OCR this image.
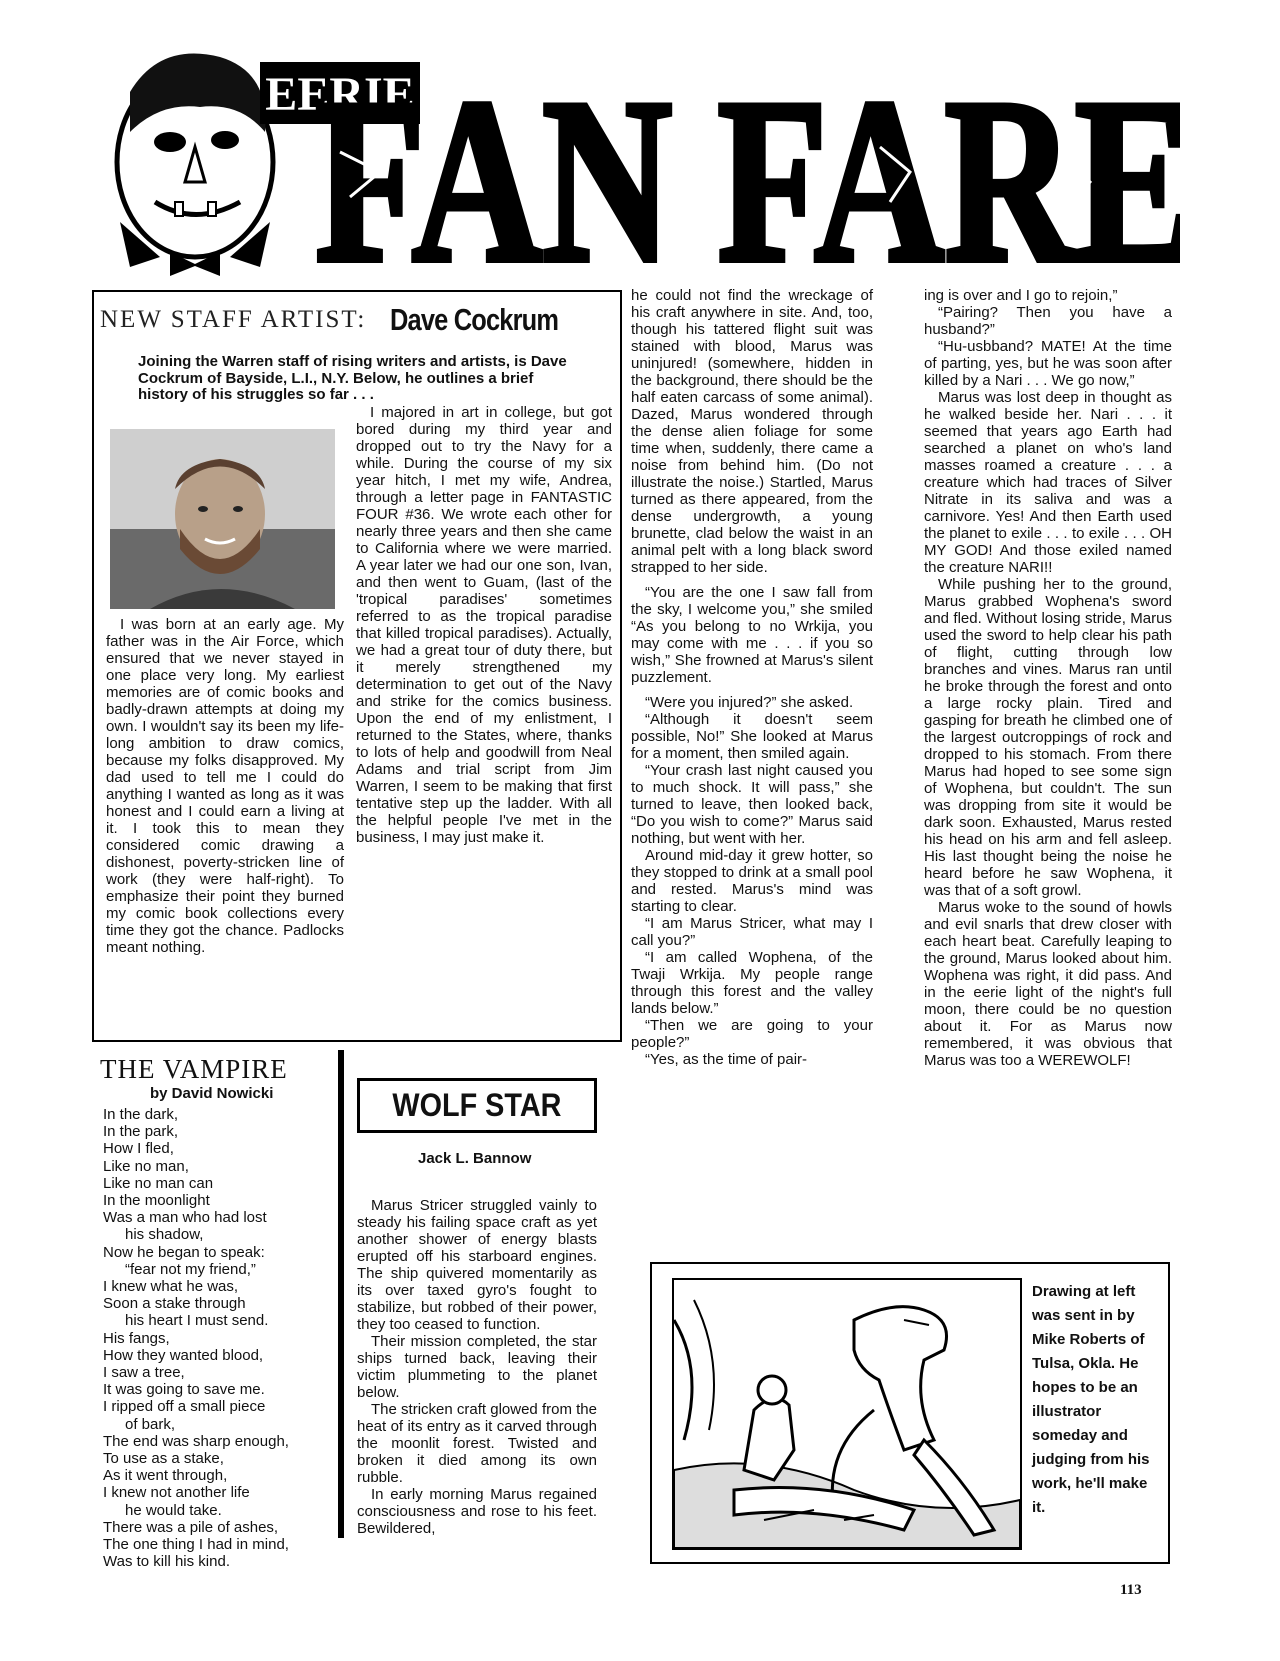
EERIE
FAN FARE
NEW STAFF ARTIST: Dave Cockrum
Joining the Warren staff of rising writers and artists, is Dave Cockrum of Bayside, L.I., N.Y. Below, he outlines a brief history of his struggles so far . . .

I was born at an early age. My father was in the Air Force, which ensured that we never stayed in one place very long. My earliest memories are of comic books and badly-drawn attempts at doing my own. I wouldn't say its been my life-long ambition to draw comics, because my folks disapproved. My dad used to tell me I could do anything I wanted as long as it was honest and I could earn a living at it. I took this to mean they considered comic drawing a dishonest, poverty-stricken line of work (they were half-right). To emphasize their point they burned my comic book collections every time they got the chance. Padlocks meant nothing.

I majored in art in college, but got bored during my third year and dropped out to try the Navy for a while. During the course of my six year hitch, I met my wife, Andrea, through a letter page in FANTASTIC FOUR #36. We wrote each other for nearly three years and then she came to California where we were married. A year later we had our one son, Ivan, and then went to Guam, (last of the 'tropical paradises' sometimes referred to as the tropical paradise that killed tropical paradises). Actually, we had a great tour of duty there, but it merely strengthened my determination to get out of the Navy and strike for the comics business. Upon the end of my enlistment, I returned to the States, where, thanks to lots of help and goodwill from Neal Adams and trial script from Jim Warren, I seem to be making that first tentative step up the ladder. With all the helpful people I've met in the business, I may just make it.

THE VAMPIRE
by David Nowicki
In the dark,
In the park,
How I fled,
Like no man,
Like no man can
In the moonlight
Was a man who had lost
his shadow,
Now he began to speak:
“fear not my friend,”
I knew what he was,
Soon a stake through
his heart I must send.
His fangs,
How they wanted blood,
I saw a tree,
It was going to save me.
I ripped off a small piece
of bark,
The end was sharp enough,
To use as a stake,
As it went through,
I knew not another life
he would take.
There was a pile of ashes,
The one thing I had in mind,
Was to kill his kind.
WOLF STAR
Jack L. Bannow

Marus Stricer struggled vainly to steady his failing space craft as yet another shower of energy blasts erupted off his starboard engines. The ship quivered momentarily as its over taxed gyro's fought to stabilize, but robbed of their power, they too ceased to function.

Their mission completed, the star ships turned back, leaving their victim plummeting to the planet below.

The stricken craft glowed from the heat of its entry as it carved through the moonlit forest. Twisted and broken it died among its own rubble.

In early morning Marus regained consciousness and rose to his feet. Bewildered,

he could not find the wreckage of his craft anywhere in site. And, too, though his tattered flight suit was stained with blood, Marus was uninjured! (somewhere, hidden in the background, there should be the half eaten carcass of some animal). Dazed, Marus wondered through the dense alien foliage for some time when, suddenly, there came a noise from behind him. (Do not illustrate the noise.) Startled, Marus turned as there appeared, from the dense undergrowth, a young brunette, clad below the waist in an animal pelt with a long black sword strapped to her side.

“You are the one I saw fall from the sky, I welcome you,” she smiled “As you belong to no Wrkija, you may come with me . . . if you so wish,” She frowned at Marus's silent puzzlement.

“Were you injured?” she asked.

“Although it doesn't seem possible, No!” She looked at Marus for a moment, then smiled again.

“Your crash last night caused you to much shock. It will pass,” she turned to leave, then looked back, “Do you wish to come?” Marus said nothing, but went with her.

Around mid-day it grew hotter, so they stopped to drink at a small pool and rested. Marus's mind was starting to clear.

“I am Marus Stricer, what may I call you?”

“I am called Wophena, of the Twaji Wrkija. My people range through this forest and the valley lands below.”

“Then we are going to your people?”

“Yes, as the time of pair-

ing is over and I go to rejoin,”

“Pairing? Then you have a husband?”

“Hu-usbband? MATE! At the time of parting, yes, but he was soon after killed by a Nari . . . We go now,”

Marus was lost deep in thought as he walked beside her. Nari . . . it seemed that years ago Earth had searched a planet on who's land masses roamed a creature . . . a creature which had traces of Silver Nitrate in its saliva and was a carnivore. Yes! And then Earth used the planet to exile . . . to exile . . . OH MY GOD! And those exiled named the creature NARI!!

While pushing her to the ground, Marus grabbed Wophena's sword and fled. Without losing stride, Marus used the sword to help clear his path of flight, cutting through low branches and vines. Marus ran until he broke through the forest and onto a large rocky plain. Tired and gasping for breath he climbed one of the largest outcroppings of rock and dropped to his stomach. From there Marus had hoped to see some sign of Wophena, but couldn't. The sun was dropping from site it would be dark soon. Exhausted, Marus rested his head on his arm and fell asleep. His last thought being the noise he heard before he saw Wophena, it was that of a soft growl.

Marus woke to the sound of howls and evil snarls that drew closer with each heart beat. Carefully leaping to the ground, Marus looked about him. Wophena was right, it did pass. And in the eerie light of the night's full moon, there could be no question about it. For as Marus now remembered, it was obvious that Marus was too a WEREWOLF!

Drawing at left was sent in by Mike Roberts of Tulsa, Okla. He hopes to be an illustrator someday and judging from his work, he'll make it.
113
